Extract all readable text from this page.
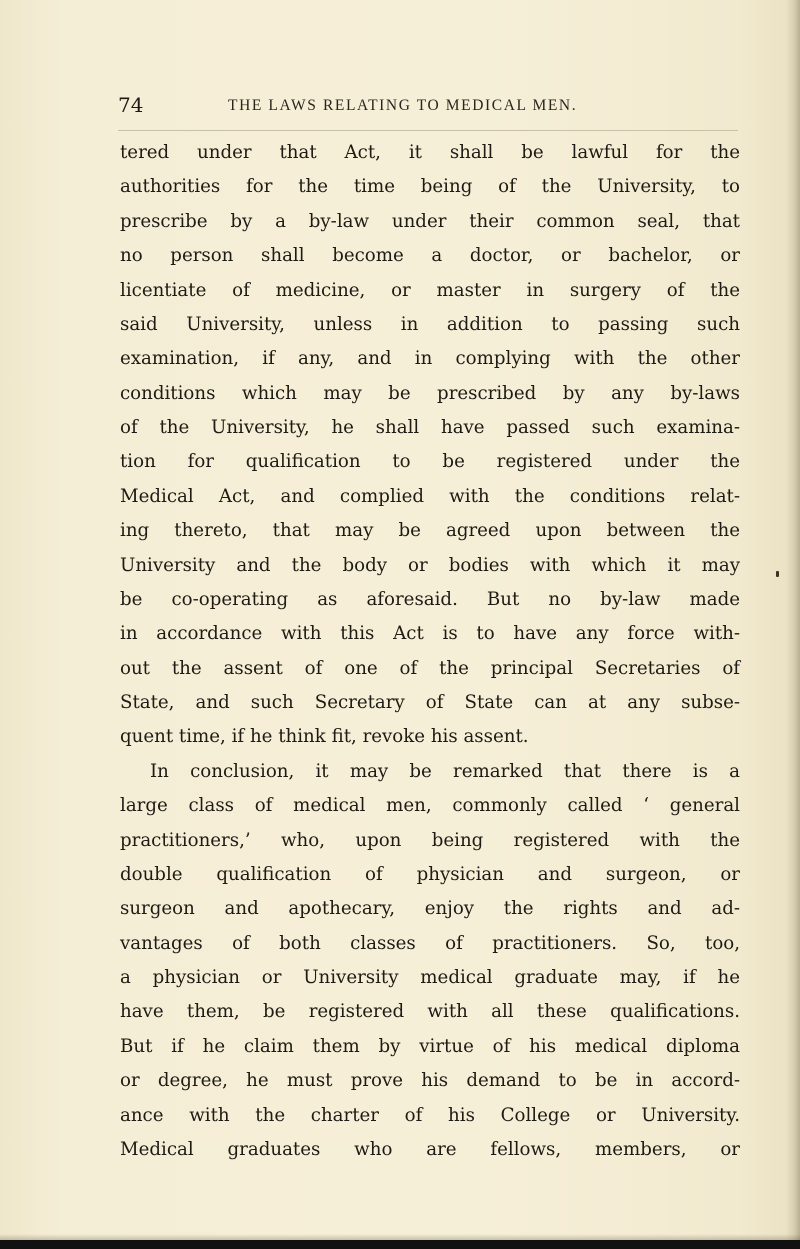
74	THE LAWS RELATING TO MEDICAL MEN.
tered under that Act, it shall be lawful for the
authorities for the time being of the University, to
prescribe by a by-law under their common seal, that
no person shall become a doctor, or bachelor, or
licentiate of medicine, or master in surgery of the
said University, unless in addition to passing such
examination, if any, and in complying with the other
conditions which may be prescribed by any by-laws
of the University, he shall have passed such examina-
tion for qualification to be registered under the
Medical Act, and complied with the conditions relat-
ing thereto, that may be agreed upon between the
University and the body or bodies with which it may
be co-operating as aforesaid. But no by-law made
in accordance with this Act is to have any force with-
out the assent of one of the principal Secretaries of
State, and such Secretary of State can at any subse-
quent time, if he think fit, revoke his assent.
In conclusion, it may be remarked that there is a
large class of medical men, commonly called ‘ general
practitioners,’ who, upon being registered with the
double qualification of physician and surgeon, or
surgeon and apothecary, enjoy the rights and ad-
vantages of both classes of practitioners. So, too,
a physician or University medical graduate may, if he
have them, be registered with all these qualifications.
But if he claim them by virtue of his medical diploma
or degree, he must prove his demand to be in accord-
ance with the charter of his College or University.
Medical graduates who are fellows, members, or
